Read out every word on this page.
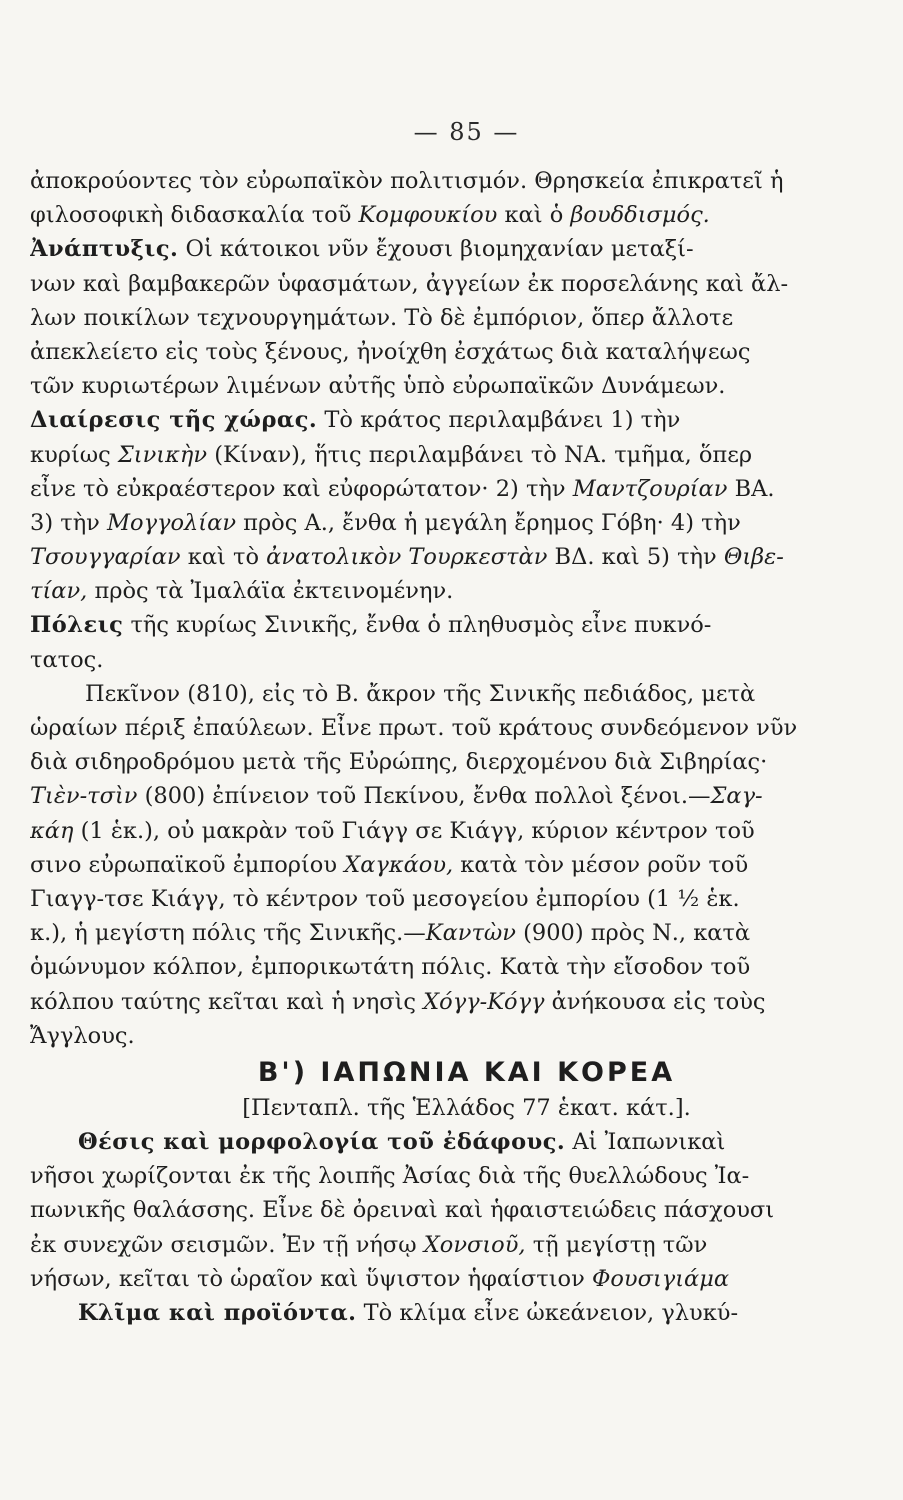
— 85 —
ἀποκρούοντες τὸν εὐρωπαϊκὸν πολιτισμόν. Θρησκεία ἐπικρατεῖ ἡ
φιλοσοφικὴ διδασκαλία τοῦ Κομφουκίου καὶ ὁ βουδδισμός.
Ἀνάπτυξις. Οἱ κάτοικοι νῦν ἔχουσι βιομηχανίαν μεταξί-
νων καὶ βαμβακερῶν ὑφασμάτων, ἀγγείων ἐκ πορσελάνης καὶ ἄλ-
λων ποικίλων τεχνουργημάτων. Τὸ δὲ ἐμπόριον, ὅπερ ἄλλοτε
ἀπεκλείετο εἰς τοὺς ξένους, ἠνοίχθη ἐσχάτως διὰ καταλήψεως
τῶν κυριωτέρων λιμένων αὐτῆς ὑπὸ εὐρωπαϊκῶν Δυνάμεων.
Διαίρεσις τῆς χώρας. Τὸ κράτος περιλαμβάνει 1) τὴν
κυρίως Σινικὴν (Κίναν), ἥτις περιλαμβάνει τὸ ΝΑ. τμῆμα, ὅπερ
εἶνε τὸ εὐκραέστερον καὶ εὐφορώτατον· 2) τὴν Μαντζουρίαν ΒΑ.
3) τὴν Μογγολίαν πρὸς Α., ἔνθα ἡ μεγάλη ἔρημος Γόβη· 4) τὴν
Τσουγγαρίαν καὶ τὸ ἀνατολικὸν Τουρκεστὰν ΒΔ. καὶ 5) τὴν Θιβε-
τίαν, πρὸς τὰ Ἰμαλάϊα ἐκτεινομένην.
Πόλεις τῆς κυρίως Σινικῆς, ἔνθα ὁ πληθυσμὸς εἶνε πυκνό-
τατος.
Πεκῖνον (810), εἰς τὸ Β. ἄκρον τῆς Σινικῆς πεδιάδος, μετὰ
ὡραίων πέριξ ἐπαύλεων. Εἶνε πρωτ. τοῦ κράτους συνδεόμενον νῦν
διὰ σιδηροδρόμου μετὰ τῆς Εὐρώπης, διερχομένου διὰ Σιβηρίας·
Τιὲν-τσὶν (800) ἐπίνειον τοῦ Πεκίνου, ἔνθα πολλοὶ ξένοι.—Σαγ-
κάη (1 ἑκ.), οὐ μακρὰν τοῦ Γιάγγ σε Κιάγγ, κύριον κέντρον τοῦ
σινο εὐρωπαϊκοῦ ἐμπορίου Χαγκάου, κατὰ τὸν μέσον ροῦν τοῦ
Γιαγγ-τσε Κιάγγ, τὸ κέντρον τοῦ μεσογείου ἐμπορίου (1 ½ ἑκ.
κ.), ἡ μεγίστη πόλις τῆς Σινικῆς.—Καντὼν (900) πρὸς Ν., κατὰ
ὁμώνυμον κόλπον, ἐμπορικωτάτη πόλις. Κατὰ τὴν εἴσοδον τοῦ
κόλπου ταύτης κεῖται καὶ ἡ νησὶς Χόγγ-Κόγγ ἀνήκουσα εἰς τοὺς
Ἄγγλους.
Β') ΙΑΠΩΝΙΑ ΚΑΙ ΚΟΡΕΑ
[Πενταπλ. τῆς Ἑλλάδος 77 ἑκατ. κάτ.].
Θέσις καὶ μορφολογία τοῦ ἐδάφους. Αἱ Ἰαπωνικαὶ
νῆσοι χωρίζονται ἐκ τῆς λοιπῆς Ἀσίας διὰ τῆς θυελλώδους Ἰα-
πωνικῆς θαλάσσης. Εἶνε δὲ ὀρειναὶ καὶ ἡφαιστειώδεις πάσχουσι
ἐκ συνεχῶν σεισμῶν. Ἐν τῇ νήσῳ Χονσιοῦ, τῇ μεγίστῃ τῶν
νήσων, κεῖται τὸ ὡραῖον καὶ ὕψιστον ἡφαίστιον Φουσιγιάμα
Κλῖμα καὶ προϊόντα. Τὸ κλίμα εἶνε ὠκεάνειον, γλυκύ-
